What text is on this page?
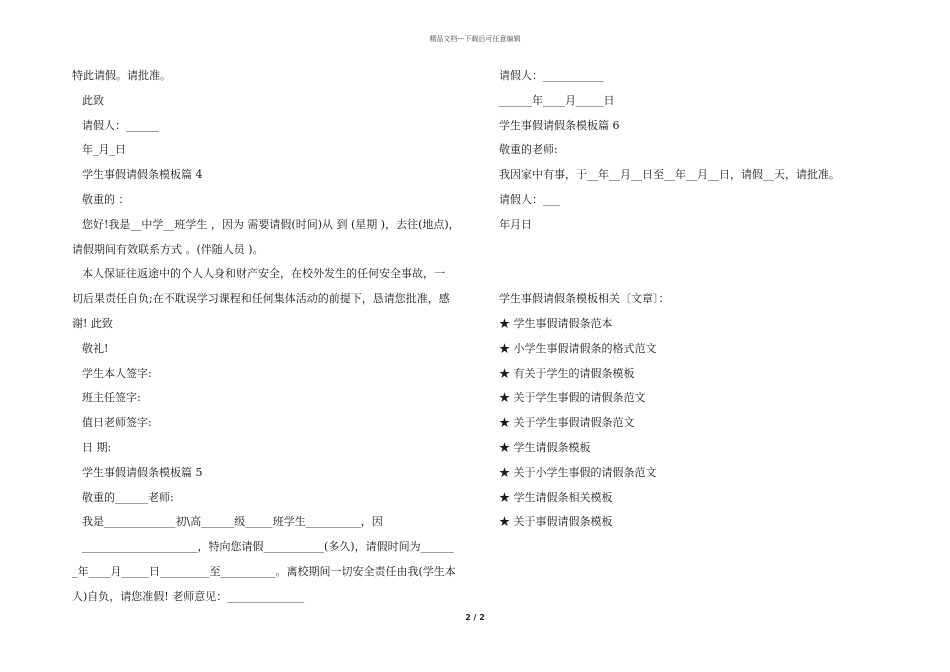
精品文档---下载后可任意编辑
特此请假。请批准。
此致
请假人：______
年_月_日
学生事假请假条模板篇 4
敬重的 ：
您好!我是__中学__班学生 ，因为 需要请假(时间)从 到 (星期 )，去往(地点)，
请假期间有效联系方式 。(伴随人员 )。
本人保证往返途中的个人人身和财产安全，在校外发生的任何安全事故，一
切后果责任自负;在不耽误学习课程和任何集体活动的前提下，恳请您批准，感
谢! 此致
敬礼!
学生本人签字:
班主任签字:
值日老师签字:
日 期:
学生事假请假条模板篇 5
敬重的______老师:
我是_____________初\高______级_____班学生__________，因
_____________________，特向您请假___________(多久)，请假时间为______
_年____月_____日_________至__________。离校期间一切安全责任由我(学生本
人)自负，请您准假! 老师意见：______________
请假人：___________
______年____月_____日
学生事假请假条模板篇 6
敬重的老师:
我因家中有事，于__年__月__日至__年__月__日，请假__天，请批准。
请假人：___
年月日
学生事假请假条模板相关〔文章〕：
★ 学生事假请假条范本
★ 小学生事假请假条的格式范文
★ 有关于学生的请假条模板
★ 关于学生事假的请假条范文
★ 关于学生事假请假条范文
★ 学生请假条模板
★ 关于小学生事假的请假条范文
★ 学生请假条相关模板
★ 关于事假请假条模板
2 / 2
